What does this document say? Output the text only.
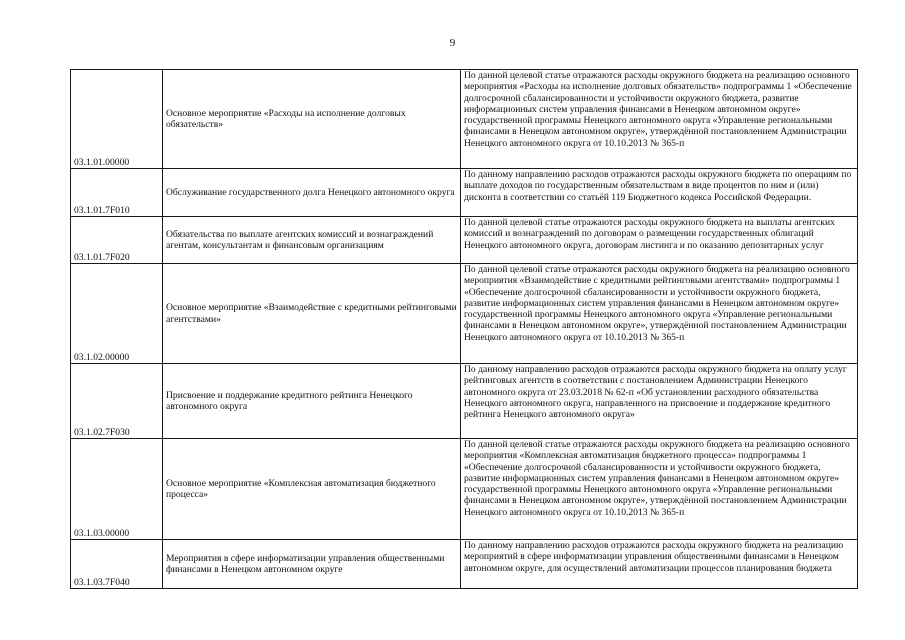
9
03.1.01.00000	Основное мероприятие «Расходы на исполнение долговых обязательств»	По данной целевой статье отражаются расходы окружного бюджета на реализацию основного мероприятия «Расходы на исполнение долговых обязательств» подпрограммы 1 «Обеспечение долгосрочной сбалансированности и устойчивости окружного бюджета, развитие информационных систем управления финансами в Ненецком автономном округе» государственной программы Ненецкого автономного округа «Управление региональными финансами в Ненецком автономном округе», утверждённой постановлением Администрации Ненецкого автономного округа от 10.10.2013 № 365-п
03.1.01.7F010	Обслуживание государственного долга Ненецкого автономного округа	По данному направлению расходов отражаются расходы окружного бюджета по операциям по выплате доходов по государственным обязательствам в виде процентов по ним и (или) дисконта в соответствии со статьёй 119 Бюджетного кодекса Российской Федерации.
03.1.01.7F020	Обязательства по выплате агентских комиссий и вознаграждений агентам, консультантам и финансовым организациям	По данной целевой статье отражаются расходы окружного бюджета на выплаты агентских комиссий и вознаграждений по договорам о размещении государственных облигаций Ненецкого автономного округа, договорам листинга и по оказанию депозитарных услуг
03.1.02.00000	Основное мероприятие «Взаимодействие с кредитными рейтинговыми агентствами»	По данной целевой статье отражаются расходы окружного бюджета на реализацию основного мероприятия «Взаимодействие с кредитными рейтинговыми агентствами» подпрограммы 1 «Обеспечение долгосрочной сбалансированности и устойчивости окружного бюджета, развитие информационных систем управления финансами в Ненецком автономном округе» государственной программы Ненецкого автономного округа «Управление региональными финансами в Ненецком автономном округе», утверждённой постановлением Администрации Ненецкого автономного округа от 10.10.2013 № 365-п
03.1.02.7F030	Присвоение и поддержание кредитного рейтинга Ненецкого автономного округа	По данному направлению расходов отражаются расходы окружного бюджета на оплату услуг рейтинговых агентств в соответствии с постановлением Администрации Ненецкого автономного округа от 23.03.2018 № 62-п «Об установлении расходного обязательства Ненецкого автономного округа, направленного на присвоение и поддержание кредитного рейтинга Ненецкого автономного округа»
03.1.03.00000	Основное мероприятие «Комплексная автоматизация бюджетного процесса»	По данной целевой статье отражаются расходы окружного бюджета на реализацию основного мероприятия «Комплексная автоматизация бюджетного процесса» подпрограммы 1 «Обеспечение долгосрочной сбалансированности и устойчивости окружного бюджета, развитие информационных систем управления финансами в Ненецком автономном округе» государственной программы Ненецкого автономного округа «Управление региональными финансами в Ненецком автономном округе», утверждённой постановлением Администрации Ненецкого автономного округа от 10.10.2013 № 365-п
03.1.03.7F040	Мероприятия в сфере информатизации управления общественными финансами в Ненецком автономном округе	По данному направлению расходов отражаются расходы окружного бюджета на реализацию мероприятий в сфере информатизации управления общественными финансами в Ненецком автономном округе, для осуществлений автоматизации процессов планирования бюджета
